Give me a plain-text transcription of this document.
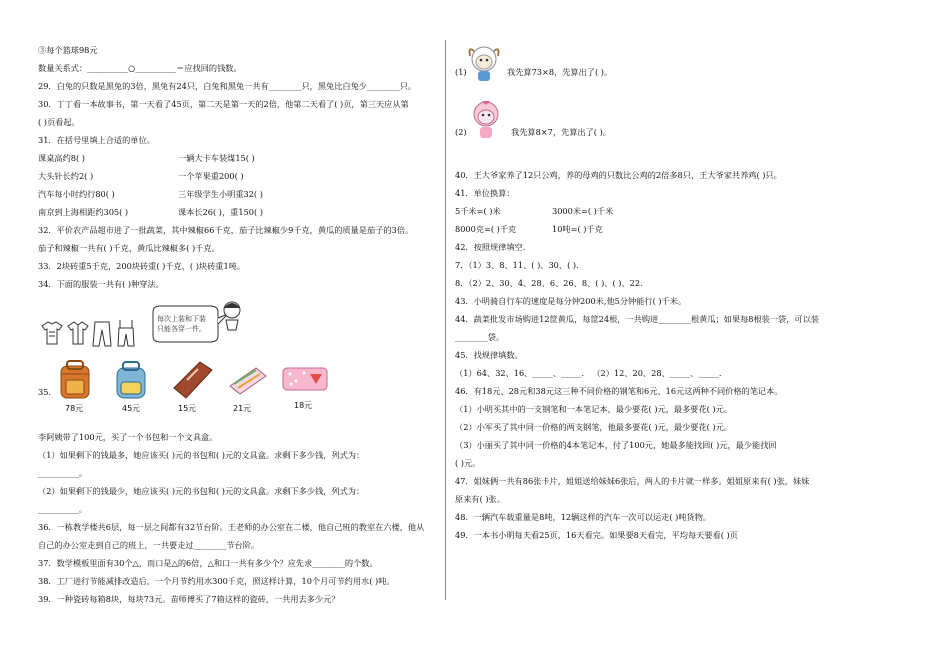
③每个篮球98元
数量关系式：__________○__________＝应找回的钱数。
29．白兔的只数是黑兔的3倍，黑兔有24只，白兔和黑兔一共有________只，黑兔比白兔少________只。
30．丁丁看一本故事书，第一天看了45页，第二天是第一天的2倍，他第二天看了( )页，第三天应从第
( )页看起。
31．在括号里填上合适的单位。
课桌高约8( )	一辆大卡车装煤15( )
大头针长约2( )	一个苹果重200( )
汽车每小时约行80( )	三年级学生小明重32( )
南京到上海相距约305( )	课本长26( )，重150( )
32．平价农产品超市进了一批蔬菜，其中辣椒66千克，茄子比辣椒少9千克，黄瓜的质量是茄子的3倍。
茄子和辣椒一共有( )千克，黄瓜比辣椒多( )千克。
33．2块砖重5千克，200块砖重( )千克，( )块砖重1吨。
34．下面的服装一共有( )种穿法。
每次上装和下装
只能各穿一件。
35.
78元	45元	15元	21元	18元
李阿姨带了100元，买了一个书包和一个文具盒。
（1）如果剩下的钱最多，她应该买( )元的书包和( )元的文具盒。求剩下多少钱，列式为：
__________。
（2）如果剩下的钱最少，她应该买( )元的书包和( )元的文具盒。求剩下多少钱，列式为：
__________。
36．一栋教学楼共6层，每一层之间都有32节台阶。王老师的办公室在二楼，他自己班的教室在六楼，他从
自己的办公室走到自己的班上，一共要走过________节台阶。
37．数学模板里面有30个△，而口是△的6倍，△和口一共有多少个？应先求________的个数。
38．工厂进行节能减排改造后，一个月节约用水300千克，照这样计算，10个月可节约用水( )吨。
39．一种瓷砖每箱8块，每块73元。苗师傅买了7箱这样的瓷砖，一共用去多少元？
(1)	我先算73×8，先算出了( )。
(2)	我先算8×7，先算出了( )。
40．王大爷家养了12只公鸡，养的母鸡的只数比公鸡的2倍多8只，王大爷家共养鸡( )只。
41．单位换算：
5千米=( )米	3000米=( )千米
8000克=( )千克	10吨=( )千克
42．按照规律填空.
7．（1）3、8、11、( )、30、( ).
8．（2）2、30、4、28、6、26、8、( )、( )、22.
43．小明骑自行车的速度是每分钟200米,他5分钟能行( )千米。
44．蔬菜批发市场购进12筐黄瓜，每筐24根，一共购进________根黄瓜；如果每8根装一袋，可以装
________袋。
45．找规律填数。
（1）64、32、16、_____、_____． （2）12、20、28、_____、_____.
46．有18元、28元和38元这三种不同价格的钢笔和6元、16元这两种不同价格的笔记本。
（1）小明买其中的一支钢笔和一本笔记本，最少要花( )元，最多要花( )元。
（2）小军买了其中同一价格的两支钢笔，他最多要花( )元，最少要花( )元。
（3）小丽买了其中同一价格的4本笔记本，付了100元，她最多能找回( )元，最少能找回
( )元。
47．姐妹俩一共有86张卡片，姐姐送给妹妹6张后，两人的卡片就一样多。姐姐原来有( )张，妹妹
原来有( )张。
48．一辆汽车载重量是8吨，12辆这样的汽车一次可以运走( )吨货物。
49．一本书小明每天看25页，16天看完。如果要8天看完，平均每天要看( )页
